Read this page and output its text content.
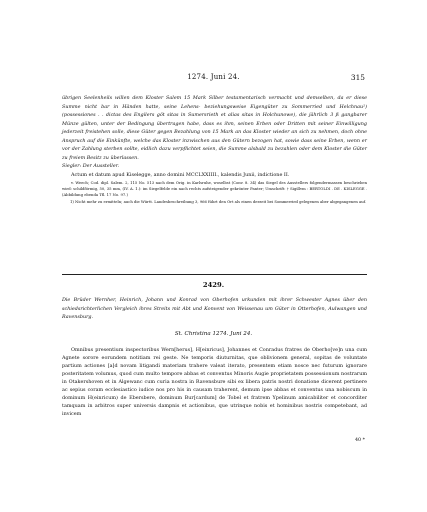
1274. Juni 24.	315

übrigen Seelenheils willen dem Kloster Salem 15 Mark Silber testamentarisch vermacht und demselben, da er diese Summe nicht bar in Händen hatte, seine Lehens- beziehungsweise Eigengüter zu Sommerried und Helchnau¹) (possessiones . . dictas des Engilers göt sitas in Sumersrieth et alias sitas in Holchunowe), die jährlich 3 ß gangbarer Münze gülten, unter der Bedingung übertragen habe, dass es ihm, seinen Erben oder Dritten mit seiner Einwilligung jederzeit freistehen solle, diese Güter gegen Bezahlung von 15 Mark an das Kloster wieder an sich zu nehmen, doch ohne Anspruch auf die Einkünfte, welche das Kloster inzwischen aus den Gütern bezogen hat, sowie dass seine Erben, wenn er vor der Zahlung sterben sollte, eidlich dazu verpflichtet seien, die Summe alsbald zu bezahlen oder dem Kloster die Güter zu freiem Besitz zu überlassen.

Siegler: Der Aussteller.

Actum et datum apud Kiselegge, anno domini MCCLXXIIII., kalendis Junii, indictione II.

v. Weech; Cod. dipl. Salem. 2, 115 No. 513 nach dem Orig. in Karlsruhe, woselbst (Conv. 8. 34) das Siegel des Ausstellers folgendermassen beschrieben wird: schildförmig, 50, 35 mm, (IV. A. 1.): im Siegelfelde ein nach rechts aufsteigender gekrönter Panter; Umschrift: † Sigillvm : BERTOLDI . DE . KISLEGGE . (Abbildung ebenda Tfl. 17 No. 97.)

1) Nicht mehr zu ermitteln; auch die Württ. Landesbeschreibung 3, 966 führt den Ort als einen derzeit bei Sommerried gelegenen aber abgegangenen auf.

2429.

Die Brüder Wernher, Heinrich, Johann und Konrad von Oberhofen urkunden mit ihrer Schwester Agnes über den schiedsrichterlichen Vergleich ihres Streits mit Abt und Konvent von Weissenau um Güter in Otterhofen, Aulwangen und Ravensburg.

St. Christina 1274. Juni 24.

Omnibus presentium inspectoribus Wern[herus], H[einricus], Johannes et Conradus fratres de Oberho[ve]n una cum Agnete sorore eorundem notitiam rei geste. Ne temporis diuturnitas, que oblivionem general, sopitas de voluntate partium actiones [a]d novam litigandi materiam trahere valeat iterato, presentem etiam nosce nec futurum ignorare posteritatem volumus, quod cum multo tempore abbas et conventus Minoris Augie proprietatem possessionum nostrarum in Otakershoven et in Algewanc cum curia nostra in Ravensbure sibi ex libera patris nostri donatione dicerent pertinere ac sepius coram ecclesiastico iudice nos pro his in causam traherent, demum ipse abbas et conventus una nobiscum in dominum H(einricum) de Ebersbere, dominum Bur[cardum] de Tobel et fratrem Ypelinum amicabiliter et concorditer tamquam in arbitros super universis dampnis et actionibus, que utrinque nobis et hominibus nostris competebant, ad invicem

40 *
